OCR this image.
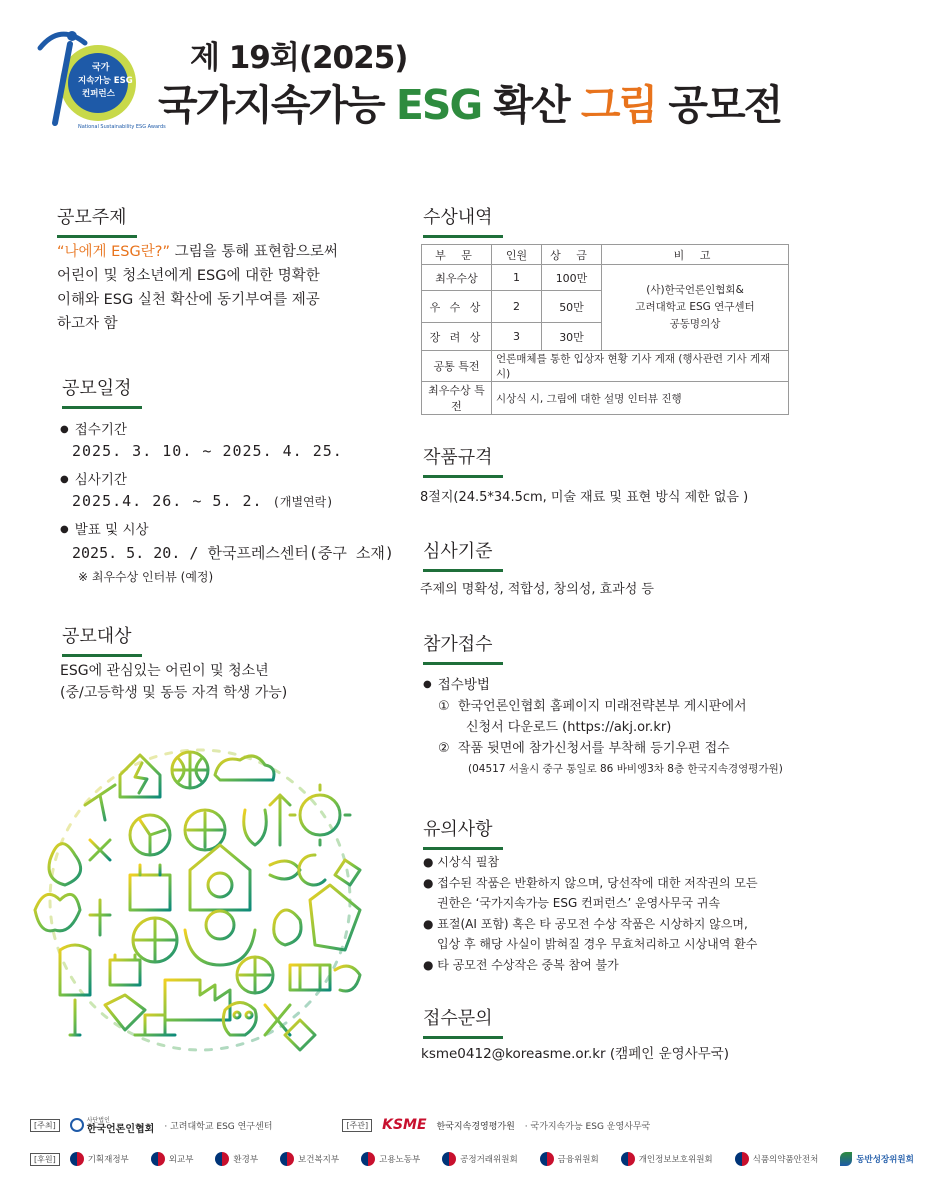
국가
지속가능 ESG
컨퍼런스
National Sustainability ESG Awards
제 19회(2025)
국가지속가능 ESG 확산 그림 공모전
공모주제
“나에게 ESG란?” 그림을 통해 표현함으로써
어린이 및 청소년에게 ESG에 대한 명확한
이해와 ESG 실천 확산에 동기부여를 제공
하고자 함
공모일정
● 접수기간
2025. 3. 10. ~ 2025. 4. 25.
● 심사기간
2025.4. 26. ~ 5. 2. (개별연락)
● 발표 및 시상
2025. 5. 20. / 한국프레스센터(중구 소재)
※ 최우수상 인터뷰 (예정)
공모대상
ESG에 관심있는 어린이 및 청소년
(중/고등학생 및 동등 자격 학생 가능)
수상내역
부 문	인원	상 금	비 고
최우수상	1	100만	(사)한국언론인협회&
고려대학교 ESG 연구센터
공동명의상

우 수 상	2	50만	
장 려 상	3	30만	
공통 특전	언론매체를 통한 입상자 현황 기사 게재 (행사관련 기사 게재 시)		
최우수상 특전	시상식 시, 그림에 대한 설명 인터뷰 진행		
작품규격
8절지(24.5*34.5cm, 미술 재료 및 표현 방식 제한 없음 )
심사기준
주제의 명확성, 적합성, 창의성, 효과성 등
참가접수
● 접수방법
① 한국언론인협회 홈페이지 미래전략본부 게시판에서
신청서 다운로드 (https://akj.or.kr)
② 작품 뒷면에 참가신청서를 부착해 등기우편 접수
(04517 서울시 중구 통일로 86 바비엥3차 8층 한국지속경영평가원)
유의사항
● 시상식 필참
● 접수된 작품은 반환하지 않으며, 당선작에 대한 저작권의 모든
권한은 ‘국가지속가능 ESG 컨퍼런스’ 운영사무국 귀속
● 표절(AI 포함) 혹은 타 공모전 수상 작품은 시상하지 않으며,
입상 후 해당 사실이 밝혀질 경우 무효처리하고 시상내역 환수
● 타 공모전 수상작은 중복 참여 불가
접수문의
ksme0412@koreasme.or.kr (캠페인 운영사무국)
[주최]	사단법인
한국언론인협회 · 고려대학교 ESG 연구센터	[주관] KSME 한국지속경영평가원 · 국가지속가능 ESG 운영사무국
[후원]	기획재정부	외교부	환경부	보건복지부	고용노동부	공정거래위원회	금융위원회	개인정보보호위원회	식품의약품안전처	동반성장위원회
